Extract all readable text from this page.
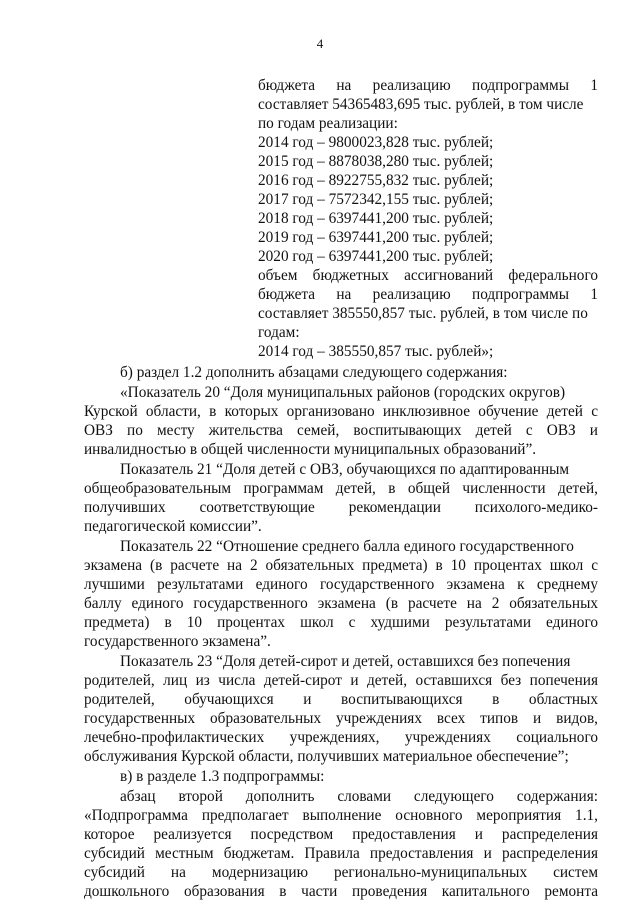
4
бюджета на реализацию подпрограммы 1
составляет 54365483,695 тыс. рублей, в том числе
по годам реализации:
2014 год – 9800023,828 тыс. рублей;
2015 год – 8878038,280 тыс. рублей;
2016 год – 8922755,832 тыс. рублей;
2017 год – 7572342,155 тыс. рублей;
2018 год – 6397441,200 тыс. рублей;
2019 год – 6397441,200 тыс. рублей;
2020 год – 6397441,200 тыс. рублей;
объем бюджетных ассигнований федерального
бюджета на реализацию подпрограммы 1
составляет 385550,857 тыс. рублей, в том числе по
годам:
2014 год – 385550,857 тыс. рублей»;
б) раздел 1.2 дополнить абзацами следующего содержания:
«Показатель 20 “Доля муниципальных районов (городских округов)
Курской области, в которых организовано инклюзивное обучение детей с
ОВЗ по месту жительства семей, воспитывающих детей с ОВЗ и
инвалидностью в общей численности муниципальных образований”.
Показатель 21 “Доля детей с ОВЗ, обучающихся по адаптированным
общеобразовательным программам детей, в общей численности детей,
получивших соответствующие рекомендации психолого-медико-
педагогической комиссии”.
Показатель 22 “Отношение среднего балла единого государственного
экзамена (в расчете на 2 обязательных предмета) в 10 процентах школ с
лучшими результатами единого государственного экзамена к среднему
баллу единого государственного экзамена (в расчете на 2 обязательных
предмета) в 10 процентах школ с худшими результатами единого
государственного экзамена”.
Показатель 23 “Доля детей-сирот и детей, оставшихся без попечения
родителей, лиц из числа детей-сирот и детей, оставшихся без попечения
родителей, обучающихся и воспитывающихся в областных
государственных образовательных учреждениях всех типов и видов,
лечебно-профилактических учреждениях, учреждениях социального
обслуживания Курской области, получивших материальное обеспечение”;
в) в разделе 1.3 подпрограммы:
абзац второй дополнить словами следующего содержания:
«Подпрограмма предполагает выполнение основного мероприятия 1.1,
которое реализуется посредством предоставления и распределения
субсидий местным бюджетам. Правила предоставления и распределения
субсидий на модернизацию регионально-муниципальных систем
дошкольного образования в части проведения капитального ремонта
